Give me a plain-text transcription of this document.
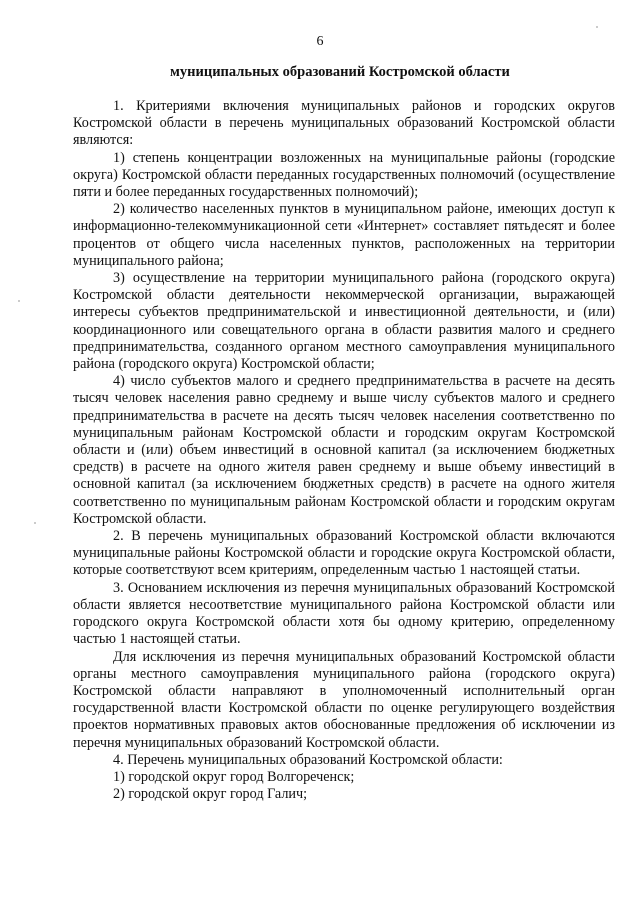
6
муниципальных образований Костромской области

1. Критериями включения муниципальных районов и городских округов Костромской области в перечень муниципальных образований Костромской области являются:

1) степень концентрации возложенных на муниципальные районы (городские округа) Костромской области переданных государственных полномочий (осуществление пяти и более переданных государственных полномочий);

2) количество населенных пунктов в муниципальном районе, имеющих доступ к информационно-телекоммуникационной сети «Интернет» составляет пятьдесят и более процентов от общего числа населенных пунктов, расположенных на территории муниципального района;

3) осуществление на территории муниципального района (городского округа) Костромской области деятельности некоммерческой организации, выражающей интересы субъектов предпринимательской и инвестиционной деятельности, и (или) координационного или совещательного органа в области развития малого и среднего предпринимательства, созданного органом местного самоуправления муниципального района (городского округа) Костромской области;

4) число субъектов малого и среднего предпринимательства в расчете на десять тысяч человек населения равно среднему и выше числу субъектов малого и среднего предпринимательства в расчете на десять тысяч человек населения соответственно по муниципальным районам Костромской области и городским округам Костромской области и (или) объем инвестиций в основной капитал (за исключением бюджетных средств) в расчете на одного жителя равен среднему и выше объему инвестиций в основной капитал (за исключением бюджетных средств) в расчете на одного жителя соответственно по муниципальным районам Костромской области и городским округам Костромской области.

2. В перечень муниципальных образований Костромской области включаются муниципальные районы Костромской области и городские округа Костромской области, которые соответствуют всем критериям, определенным частью 1 настоящей статьи.

3. Основанием исключения из перечня муниципальных образований Костромской области является несоответствие муниципального района Костромской области или городского округа Костромской области хотя бы одному критерию, определенному частью 1 настоящей статьи.

Для исключения из перечня муниципальных образований Костромской области органы местного самоуправления муниципального района (городского округа) Костромской области направляют в уполномоченный исполнительный орган государственной власти Костромской области по оценке регулирующего воздействия проектов нормативных правовых актов обоснованные предложения об исключении из перечня муниципальных образований Костромской области.

4. Перечень муниципальных образований Костромской области:

1) городской округ город Волгореченск;

2) городской округ город Галич;
